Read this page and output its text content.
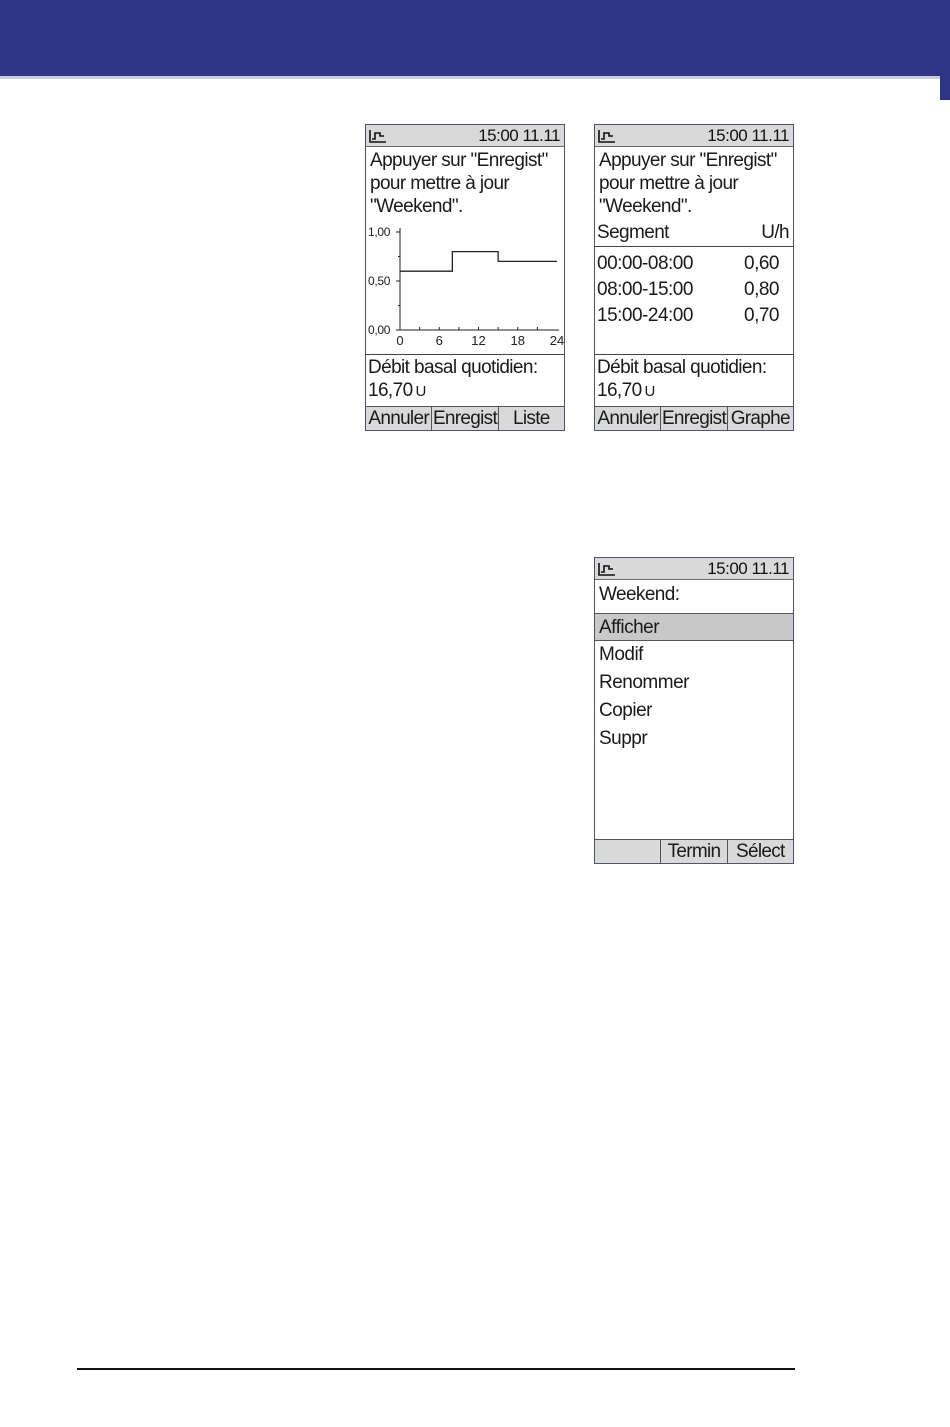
15:00 11.11
Appuyer sur "Enregist"
pour mettre à jour
"Weekend".
1,00
0,50
0,00
0 6 12 18 24
Débit basal quotidien:
16,70 U
Annuler Enregist Liste
15:00 11.11
Appuyer sur "Enregist"
pour mettre à jour
"Weekend".
Segment	U/h
00:00-08:00	0,60
08:00-15:00	0,80
15:00-24:00	0,70
Débit basal quotidien:
16,70 U
Annuler Enregist Graphe
15:00 11.11
Weekend:
Afficher
Modif
Renommer
Copier
Suppr
Termin Sélect
